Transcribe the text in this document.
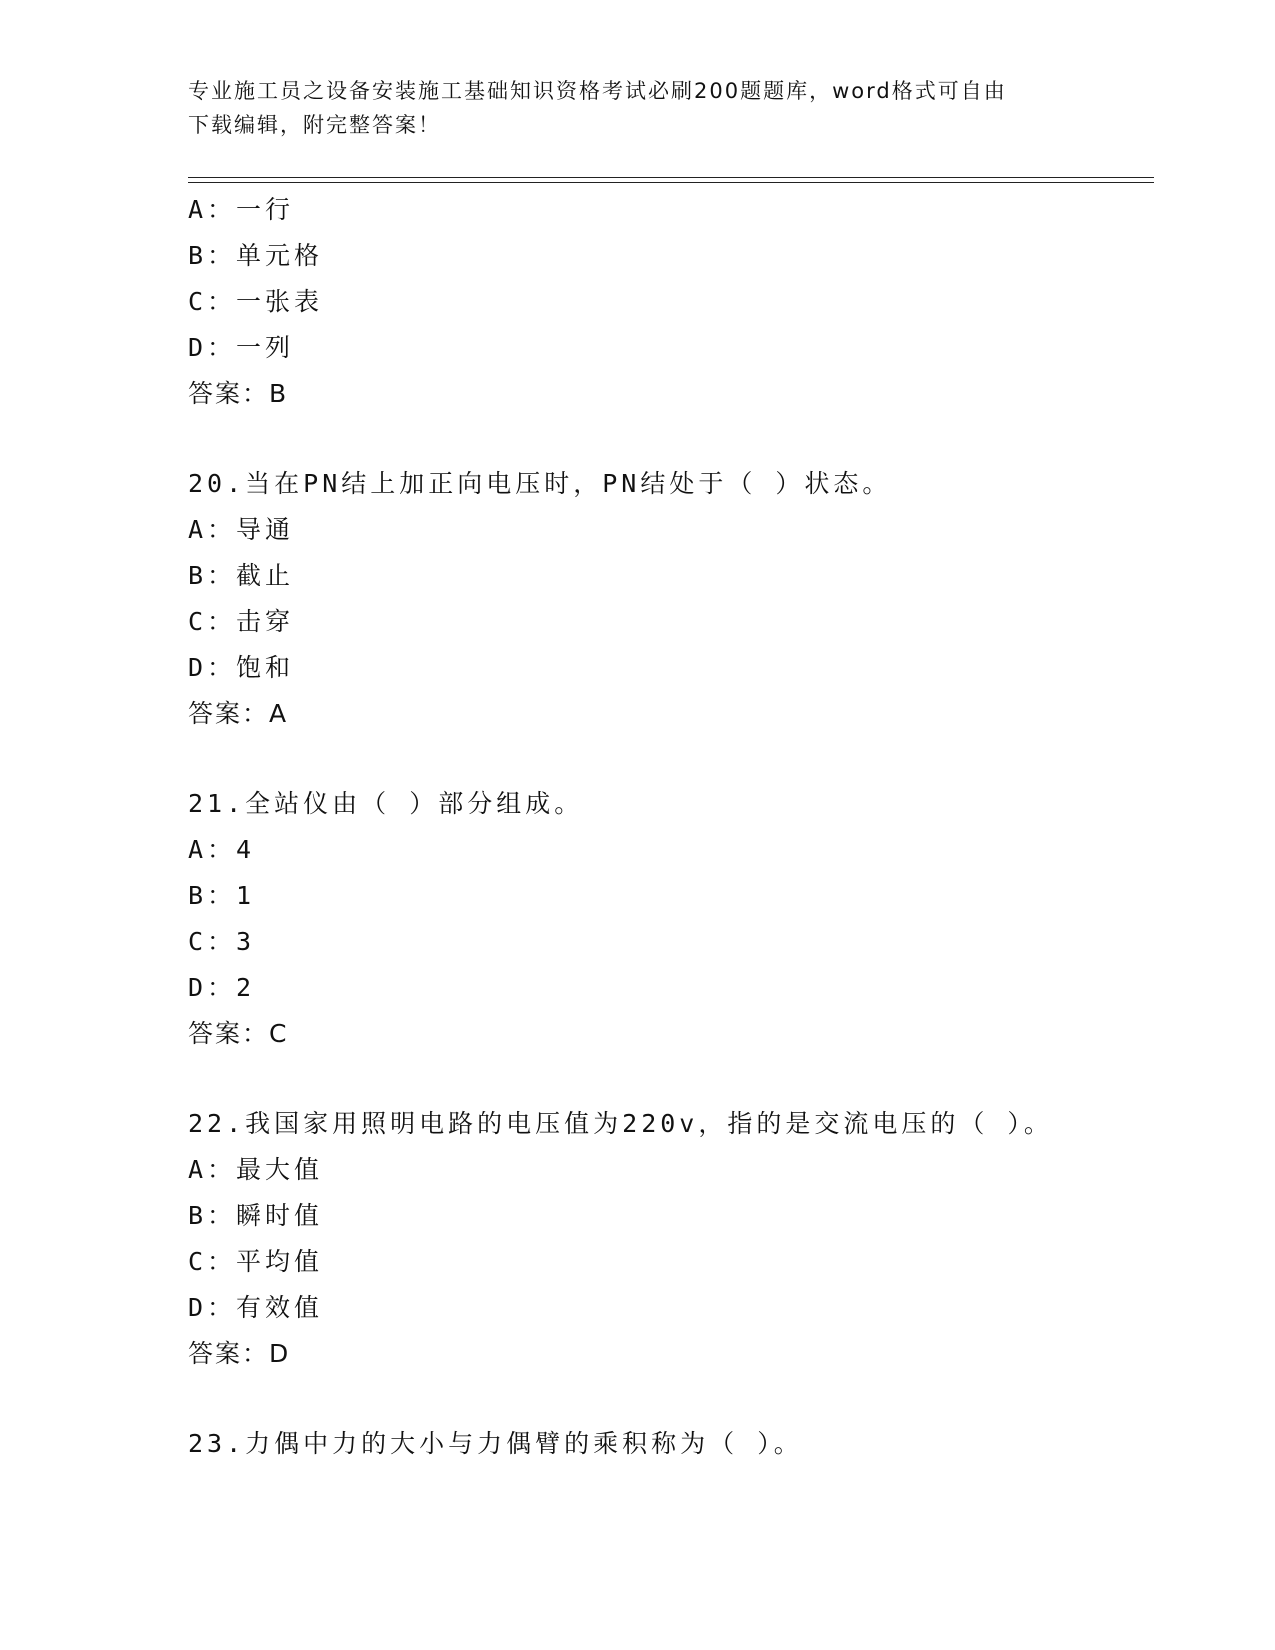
专业施工员之设备安装施工基础知识资格考试必刷200题题库，word格式可自由
下载编辑，附完整答案！
A：一行
B：单元格
C：一张表
D：一列
答案：B
20.当在PN结上加正向电压时，PN结处于（ ）状态。
A：导通
B：截止
C：击穿
D：饱和
答案：A
21.全站仪由（ ）部分组成。
A：4
B：1
C：3
D：2
答案：C
22.我国家用照明电路的电压值为220v，指的是交流电压的（ ）。
A：最大值
B：瞬时值
C：平均值
D：有效值
答案：D
23.力偶中力的大小与力偶臂的乘积称为（ ）。
